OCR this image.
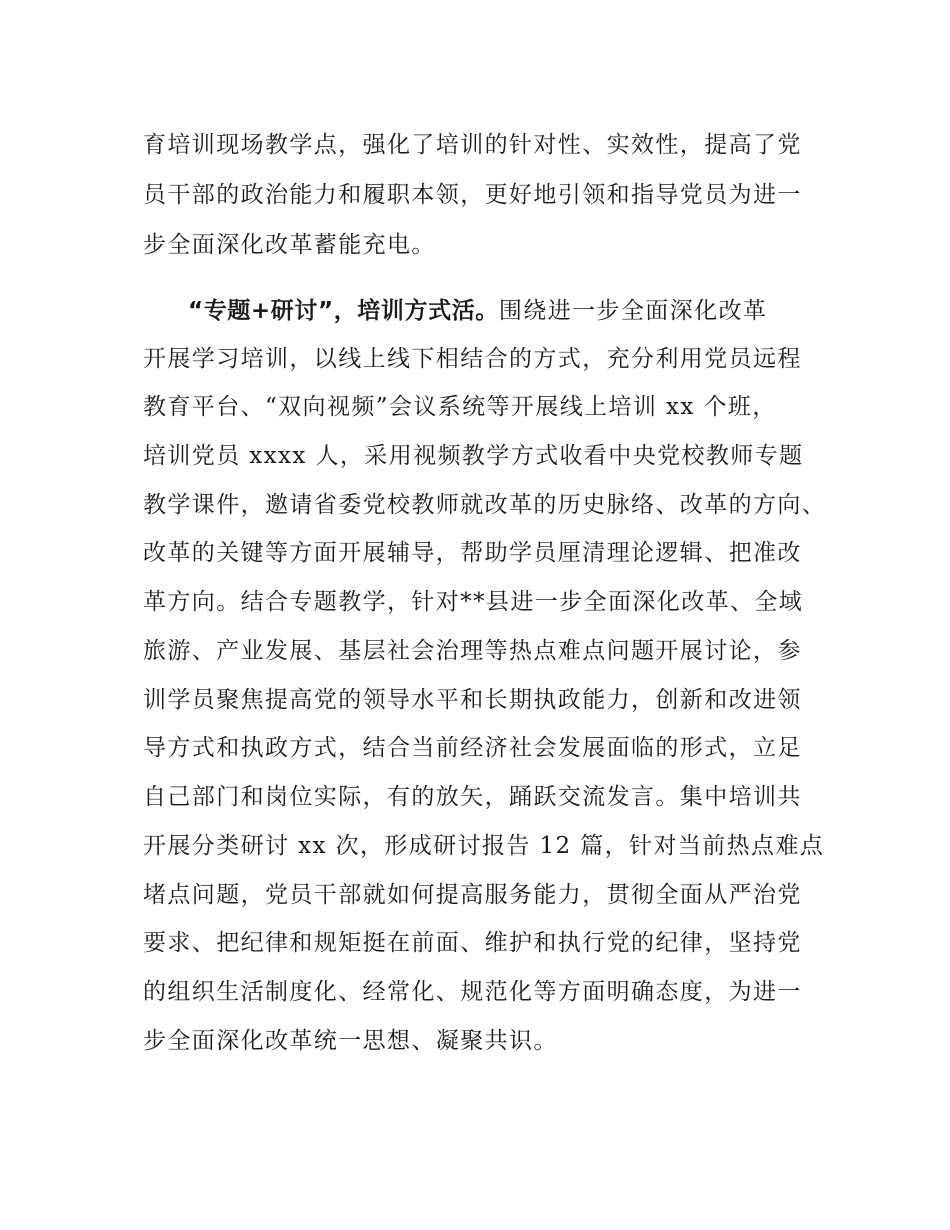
育培训现场教学点，强化了培训的针对性、实效性，提高了党
员干部的政治能力和履职本领，更好地引领和指导党员为进一
步全面深化改革蓄能充电。
“专题+研讨”，培训方式活。围绕进一步全面深化改革
开展学习培训，以线上线下相结合的方式，充分利用党员远程
教育平台、“双向视频”会议系统等开展线上培训 xx 个班，
培训党员 xxxx 人，采用视频教学方式收看中央党校教师专题
教学课件，邀请省委党校教师就改革的历史脉络、改革的方向、
改革的关键等方面开展辅导，帮助学员厘清理论逻辑、把准改
革方向。结合专题教学，针对**县进一步全面深化改革、全域
旅游、产业发展、基层社会治理等热点难点问题开展讨论，参
训学员聚焦提高党的领导水平和长期执政能力，创新和改进领
导方式和执政方式，结合当前经济社会发展面临的形式，立足
自己部门和岗位实际，有的放矢，踊跃交流发言。集中培训共
开展分类研讨 xx 次，形成研讨报告 12 篇，针对当前热点难点
堵点问题，党员干部就如何提高服务能力，贯彻全面从严治党
要求、把纪律和规矩挺在前面、维护和执行党的纪律，坚持党
的组织生活制度化、经常化、规范化等方面明确态度，为进一
步全面深化改革统一思想、凝聚共识。
